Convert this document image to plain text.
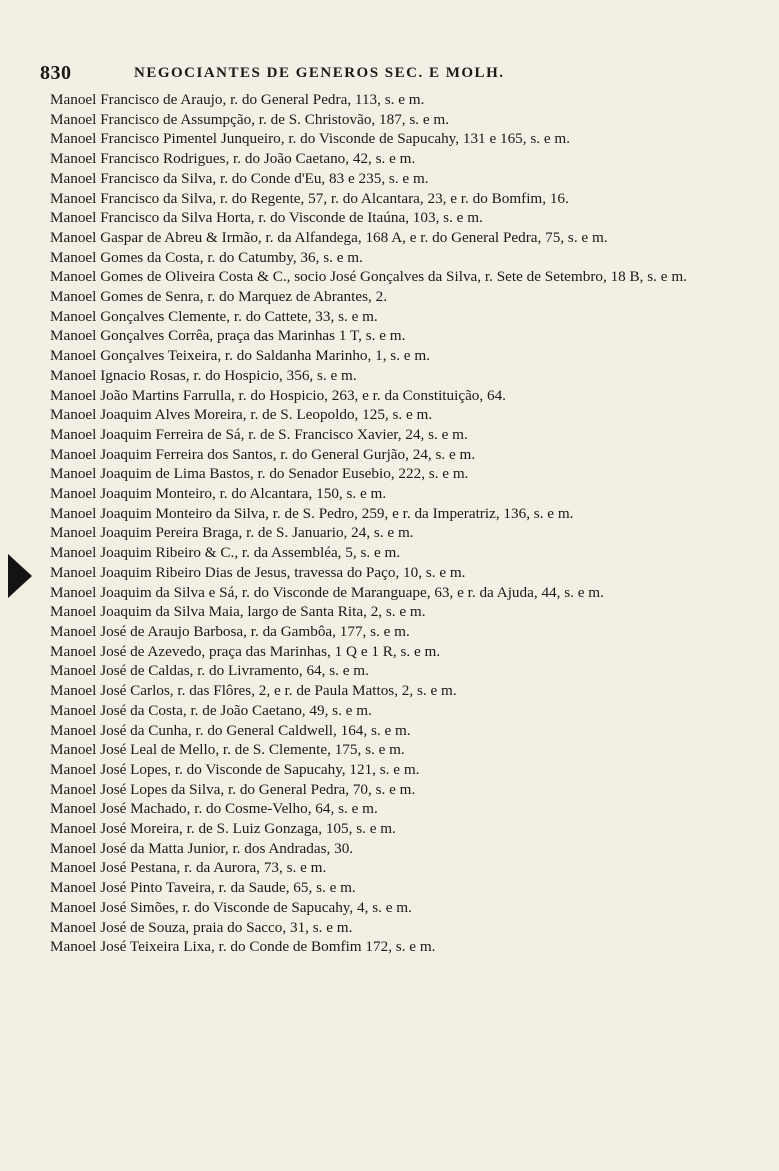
830	NEGOCIANTES DE GENEROS SEC. E MOLH.

Manoel Francisco de Araujo, r. do General Pedra, 113, s. e m.

Manoel Francisco de Assumpção, r. de S. Christovão, 187, s. e m.

Manoel Francisco Pimentel Junqueiro, r. do Visconde de Sapucahy, 131 e 165, s. e m.

Manoel Francisco Rodrigues, r. do João Caetano, 42, s. e m.

Manoel Francisco da Silva, r. do Conde d'Eu, 83 e 235, s. e m.

Manoel Francisco da Silva, r. do Regente, 57, r. do Alcantara, 23, e r. do Bomfim, 16.

Manoel Francisco da Silva Horta, r. do Visconde de Itaúna, 103, s. e m.

Manoel Gaspar de Abreu & Irmão, r. da Alfandega, 168 A, e r. do General Pedra, 75, s. e m.

Manoel Gomes da Costa, r. do Catumby, 36, s. e m.

Manoel Gomes de Oliveira Costa & C., socio José Gonçalves da Silva, r. Sete de Setembro, 18 B, s. e m.

Manoel Gomes de Senra, r. do Marquez de Abrantes, 2.

Manoel Gonçalves Clemente, r. do Cattete, 33, s. e m.

Manoel Gonçalves Corrêa, praça das Marinhas 1 T, s. e m.

Manoel Gonçalves Teixeira, r. do Saldanha Marinho, 1, s. e m.

Manoel Ignacio Rosas, r. do Hospicio, 356, s. e m.

Manoel João Martins Farrulla, r. do Hospicio, 263, e r. da Constituição, 64.

Manoel Joaquim Alves Moreira, r. de S. Leopoldo, 125, s. e m.

Manoel Joaquim Ferreira de Sá, r. de S. Francisco Xavier, 24, s. e m.

Manoel Joaquim Ferreira dos Santos, r. do General Gurjão, 24, s. e m.

Manoel Joaquim de Lima Bastos, r. do Senador Eusebio, 222, s. e m.

Manoel Joaquim Monteiro, r. do Alcantara, 150, s. e m.

Manoel Joaquim Monteiro da Silva, r. de S. Pedro, 259, e r. da Imperatriz, 136, s. e m.

Manoel Joaquim Pereira Braga, r. de S. Januario, 24, s. e m.

Manoel Joaquim Ribeiro & C., r. da Assembléa, 5, s. e m.

Manoel Joaquim Ribeiro Dias de Jesus, travessa do Paço, 10, s. e m.

Manoel Joaquim da Silva e Sá, r. do Visconde de Maranguape, 63, e r. da Ajuda, 44, s. e m.

Manoel Joaquim da Silva Maia, largo de Santa Rita, 2, s. e m.

Manoel José de Araujo Barbosa, r. da Gambôa, 177, s. e m.

Manoel José de Azevedo, praça das Marinhas, 1 Q e 1 R, s. e m.

Manoel José de Caldas, r. do Livramento, 64, s. e m.

Manoel José Carlos, r. das Flôres, 2, e r. de Paula Mattos, 2, s. e m.

Manoel José da Costa, r. de João Caetano, 49, s. e m.

Manoel José da Cunha, r. do General Caldwell, 164, s. e m.

Manoel José Leal de Mello, r. de S. Clemente, 175, s. e m.

Manoel José Lopes, r. do Visconde de Sapucahy, 121, s. e m.

Manoel José Lopes da Silva, r. do General Pedra, 70, s. e m.

Manoel José Machado, r. do Cosme-Velho, 64, s. e m.

Manoel José Moreira, r. de S. Luiz Gonzaga, 105, s. e m.

Manoel José da Matta Junior, r. dos Andradas, 30.

Manoel José Pestana, r. da Aurora, 73, s. e m.

Manoel José Pinto Taveira, r. da Saude, 65, s. e m.

Manoel José Simões, r. do Visconde de Sapucahy, 4, s. e m.

Manoel José de Souza, praia do Sacco, 31, s. e m.

Manoel José Teixeira Lixa, r. do Conde de Bomfim 172, s. e m.
